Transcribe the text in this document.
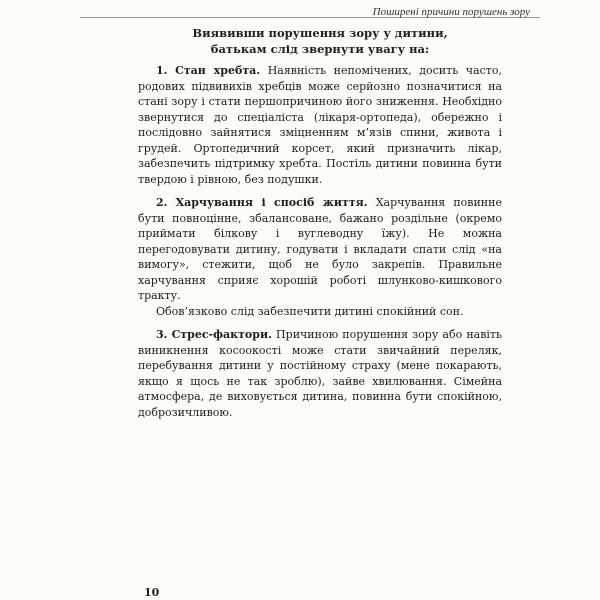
Поширені причини порушень зору
Виявивши порушення зору у дитини,
батькам слід звернути увагу на:

1. Стан хребта. Наявність непомічених, досить часто, родових підвивихів хребців може серйозно позначитися на стані зору і стати першопричиною його зниження. Необхідно звернутися до спеціаліста (лікаря-ортопеда), обережно і послідовно зайнятися зміцненням м’язів спини, живота і грудей. Ортопедичний корсет, який призначить лікар, забезпечить підтримку хребта. Постіль дитини повинна бути твердою і рівною, без подушки.

2. Харчування і спосіб життя. Харчування повинне бути повноцінне, збалансоване, бажано роздільне (окремо приймати білкову і вуглеводну їжу). Не можна перегодовувати дитину, годувати і вкладати спати слід «на вимогу», стежити, щоб не було закрепів. Правильне харчування сприяє хорошій роботі шлунково-кишкового тракту.

Обов’язково слід забезпечити дитині спокійний сон.

3. Стрес-фактори. Причиною порушення зору або навіть виникнення косоокості може стати звичайний переляк, перебування дитини у постійному страху (мене покарають, якщо я щось не так зроблю), зайве хвилювання. Сімейна атмосфера, де виховується дитина, повинна бути спокійною, доброзичливою.

10
